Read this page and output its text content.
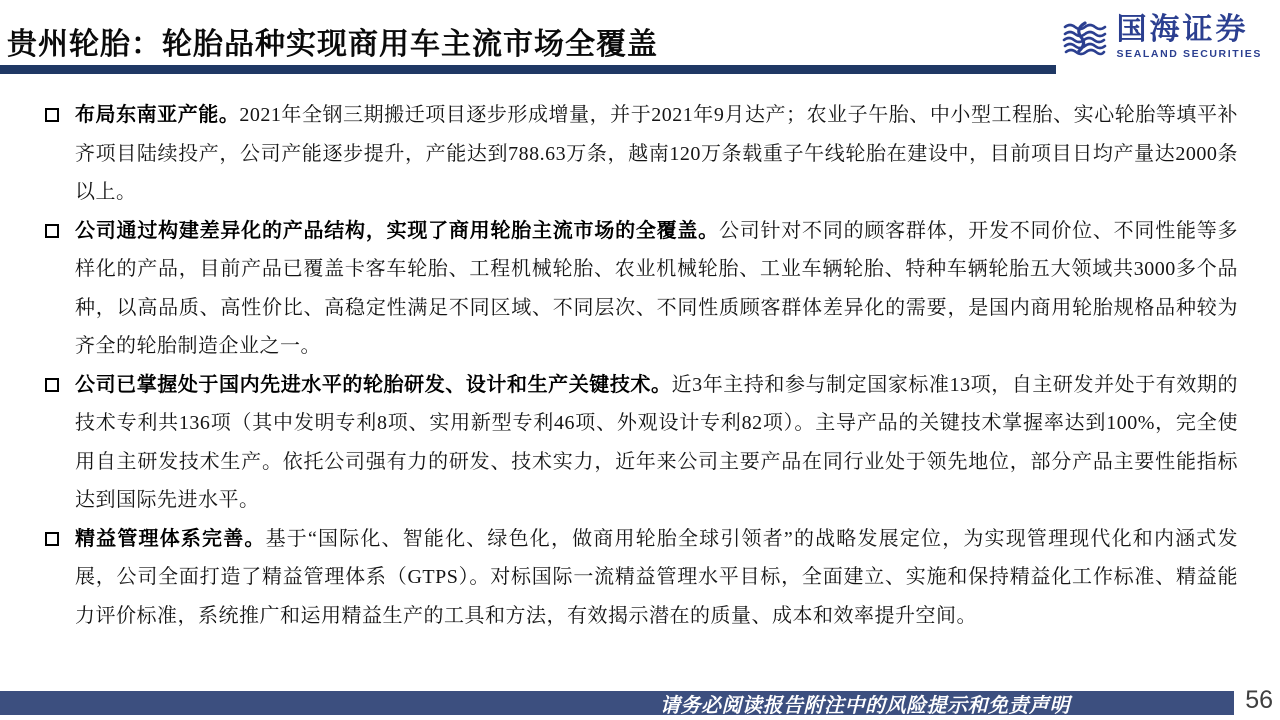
贵州轮胎：轮胎品种实现商用车主流市场全覆盖	国海证券
SEALAND SECURITIES
布局东南亚产能。2021年全钢三期搬迁项目逐步形成增量，并于2021年9月达产；农业子午胎、中小型工程胎、实心轮胎等填平补齐项目陆续投产，公司产能逐步提升，产能达到788.63万条，越南120万条载重子午线轮胎在建设中，目前项目日均产量达2000条以上。
公司通过构建差异化的产品结构，实现了商用轮胎主流市场的全覆盖。公司针对不同的顾客群体，开发不同价位、不同性能等多样化的产品，目前产品已覆盖卡客车轮胎、工程机械轮胎、农业机械轮胎、工业车辆轮胎、特种车辆轮胎五大领域共3000多个品种，以高品质、高性价比、高稳定性满足不同区域、不同层次、不同性质顾客群体差异化的需要，是国内商用轮胎规格品种较为齐全的轮胎制造企业之一。
公司已掌握处于国内先进水平的轮胎研发、设计和生产关键技术。近3年主持和参与制定国家标准13项，自主研发并处于有效期的技术专利共136项（其中发明专利8项、实用新型专利46项、外观设计专利82项）。主导产品的关键技术掌握率达到100%，完全使用自主研发技术生产。依托公司强有力的研发、技术实力，近年来公司主要产品在同行业处于领先地位，部分产品主要性能指标达到国际先进水平。
精益管理体系完善。基于“国际化、智能化、绿色化，做商用轮胎全球引领者”的战略发展定位，为实现管理现代化和内涵式发展，公司全面打造了精益管理体系（GTPS）。对标国际一流精益管理水平目标，全面建立、实施和保持精益化工作标准、精益能力评价标准，系统推广和运用精益生产的工具和方法，有效揭示潜在的质量、成本和效率提升空间。
请务必阅读报告附注中的风险提示和免责声明	56
